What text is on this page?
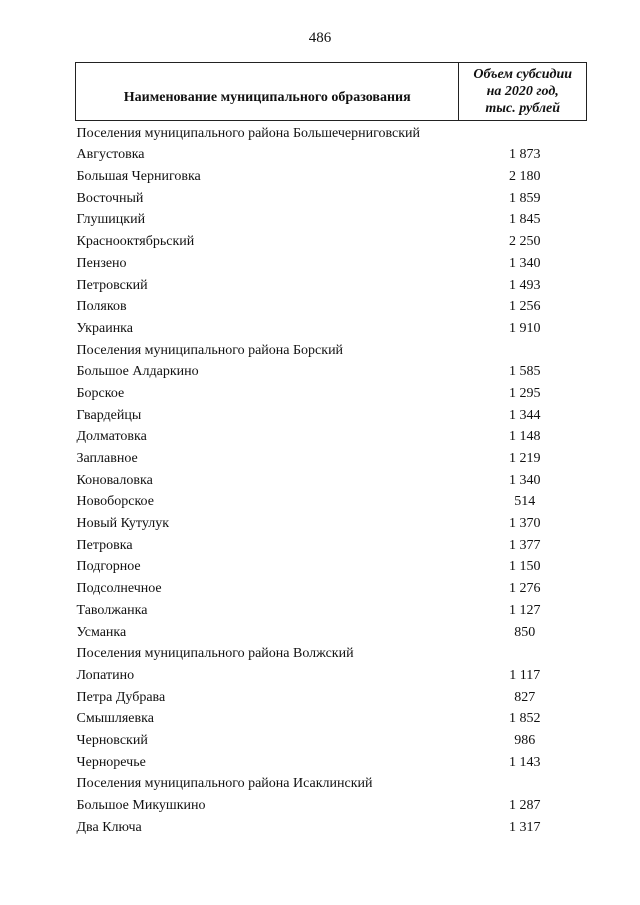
486
Наименование муниципального образования	Объем субсидии
на 2020 год,
тыс. рублей

Поселения муниципального района Большечерниговский	
Августовка	1 873
Большая Черниговка	2 180
Восточный	1 859
Глушицкий	1 845
Краснооктябрьский	2 250
Пензено	1 340
Петровский	1 493
Поляков	1 256
Украинка	1 910
Поселения муниципального района Борский	
Большое Алдаркино	1 585
Борское	1 295
Гвардейцы	1 344
Долматовка	1 148
Заплавное	1 219
Коноваловка	1 340
Новоборское	514
Новый Кутулук	1 370
Петровка	1 377
Подгорное	1 150
Подсолнечное	1 276
Таволжанка	1 127
Усманка	850
Поселения муниципального района Волжский	
Лопатино	1 117
Петра Дубрава	827
Смышляевка	1 852
Черновский	986
Черноречье	1 143
Поселения муниципального района Исаклинский	
Большое Микушкино	1 287
Два Ключа	1 317
